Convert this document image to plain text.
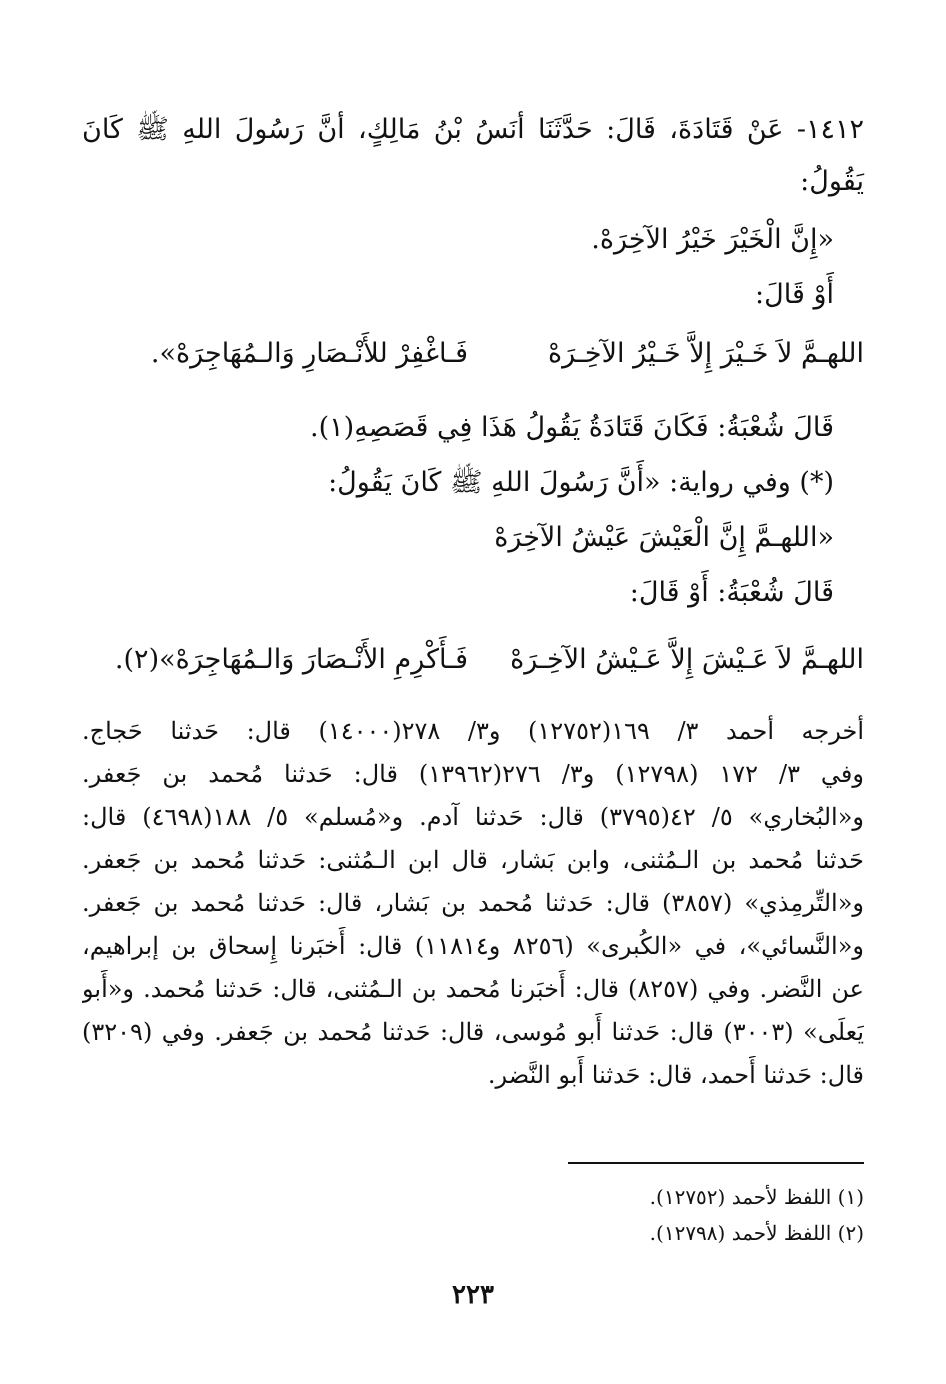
١٤١٢- عَنْ قَتَادَةَ، قَالَ: حَدَّثَنَا أَنَسُ بْنُ مَالِكٍ، أَنَّ رَسُولَ اللهِ ﷺ كَانَ
يَقُولُ:
«إِنَّ الْخَيْرَ خَيْرُ الآخِرَهْ.
أَوْ قَالَ:
اللهـمَّ لاَ خَـيْرَ إِلاَّ خَـيْرُ الآخِـرَهْ
فَـاغْفِرْ للأَنْـصَارِ وَالـمُهَاجِرَهْ».
قَالَ شُعْبَةُ: فَكَانَ قَتَادَةُ يَقُولُ هَذَا فِي قَصَصِهِ(١).
(*) وفي رواية: «أَنَّ رَسُولَ اللهِ ﷺ كَانَ يَقُولُ:
«اللهـمَّ إِنَّ الْعَيْشَ عَيْشُ الآخِرَهْ
قَالَ شُعْبَةُ: أَوْ قَالَ:
اللهـمَّ لاَ عَـيْشَ إِلاَّ عَـيْشُ الآخِـرَهْ
فَـأَكْرِمِ الأَنْـصَارَ وَالـمُهَاجِرَهْ»(٢).
أخرجه أحمد ٣/ ١٦٩(١٢٧٥٢) و٣/ ٢٧٨(١٤٠٠٠) قال: حَدثنا حَجاج.
وفي ٣/ ١٧٢ (١٢٧٩٨) و٣/ ٢٧٦(١٣٩٦٢) قال: حَدثنا مُحمد بن جَعفر.
و«البُخاري» ٥/ ٤٢(٣٧٩٥) قال: حَدثنا آدم. و«مُسلم» ٥/ ١٨٨(٤٦٩٨) قال:
حَدثنا مُحمد بن الـمُثنى، وابن بَشار، قال ابن الـمُثنى: حَدثنا مُحمد بن جَعفر.
و«التِّرمِذي» (٣٨٥٧) قال: حَدثنا مُحمد بن بَشار، قال: حَدثنا مُحمد بن جَعفر.
و«النَّسائي»، في «الكُبرى» (٨٢٥٦ و١١٨١٤) قال: أَخبَرنا إِسحاق بن إبراهيم،
عن النَّضر. وفي (٨٢٥٧) قال: أَخبَرنا مُحمد بن الـمُثنى، قال: حَدثنا مُحمد. و«أَبو
يَعلَى» (٣٠٠٣) قال: حَدثنا أَبو مُوسى، قال: حَدثنا مُحمد بن جَعفر. وفي (٣٢٠٩)
قال: حَدثنا أَحمد، قال: حَدثنا أَبو النَّضر.
(١) اللفظ لأحمد (١٢٧٥٢).
(٢) اللفظ لأحمد (١٢٧٩٨).
٢٢٣
